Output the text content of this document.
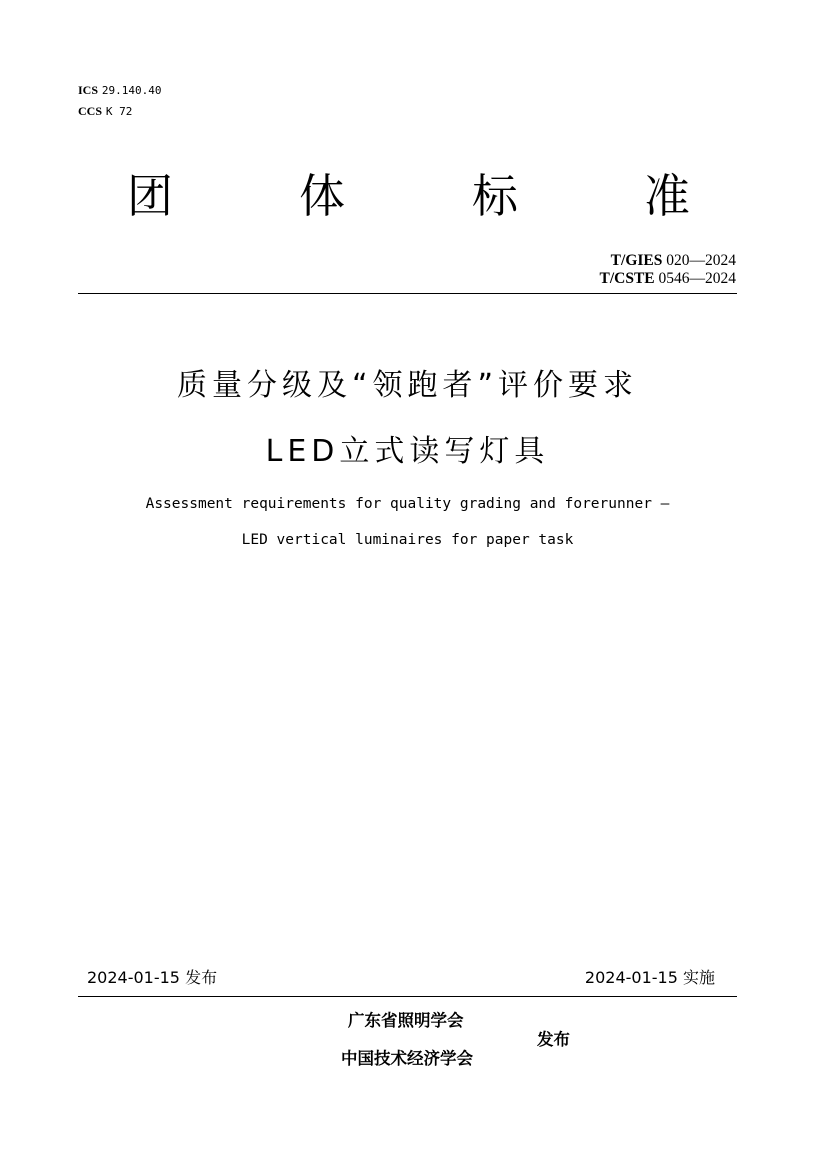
ICS 29.140.40
CCS K 72
团	体	标	准
T/GIES 020—2024
T/CSTE 0546—2024
质量分级及“领跑者”评价要求
LED立式读写灯具
Assessment requirements for quality grading and forerunner —
LED vertical luminaires for paper task
2024-01-15 发布	2024-01-15 实施
广东省照明学会
中国技术经济学会
发布
